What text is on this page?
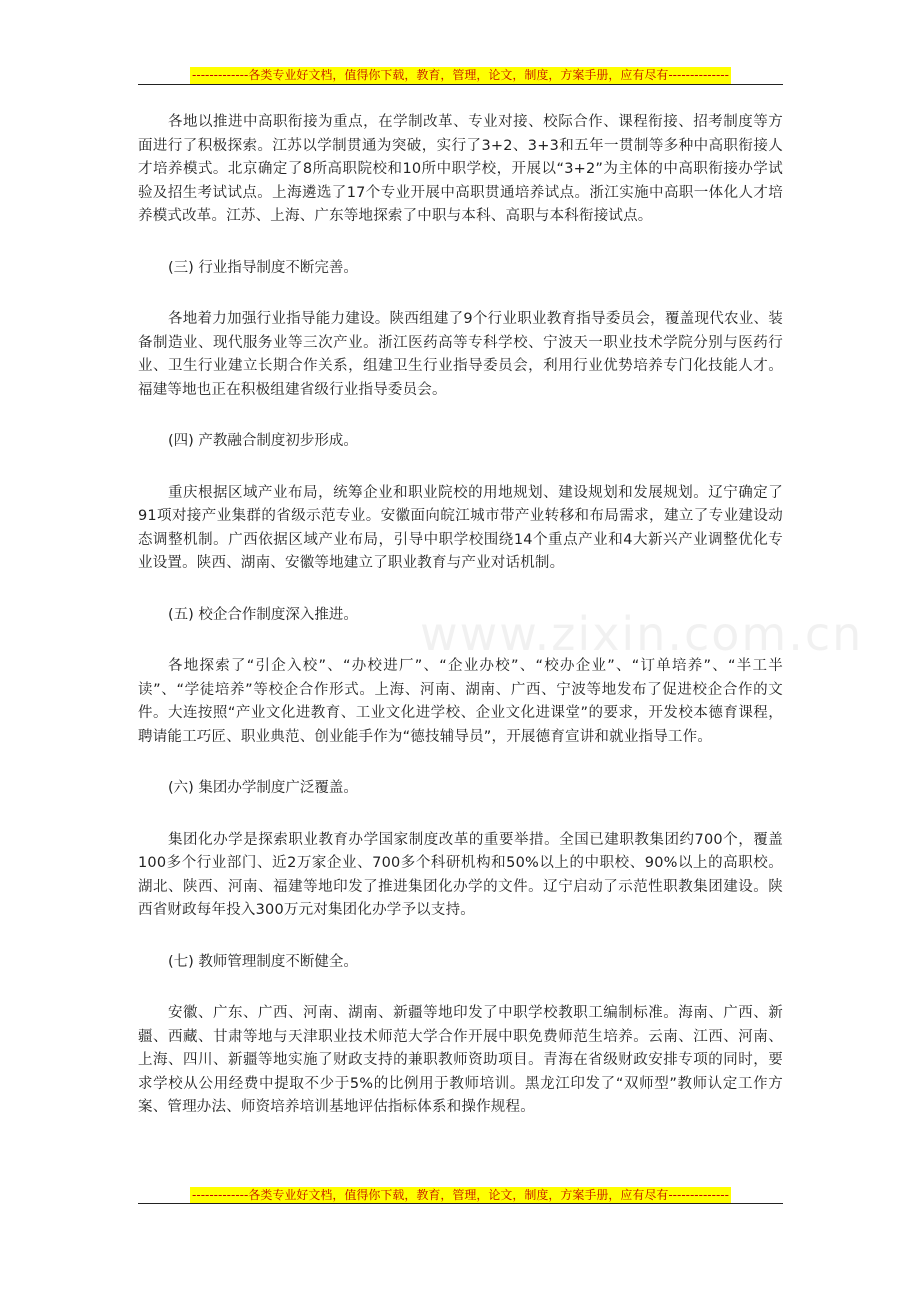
-------------各类专业好文档，值得你下载，教育，管理，论文，制度，方案手册，应有尽有--------------
www.zixin.com.cn

各地以推进中高职衔接为重点，在学制改革、专业对接、校际合作、课程衔接、招考制度等方面进行了积极探索。江苏以学制贯通为突破，实行了3+2、3+3和五年一贯制等多种中高职衔接人才培养模式。北京确定了8所高职院校和10所中职学校，开展以“3+2”为主体的中高职衔接办学试验及招生考试试点。上海遴选了17个专业开展中高职贯通培养试点。浙江实施中高职一体化人才培养模式改革。江苏、上海、广东等地探索了中职与本科、高职与本科衔接试点。

(三) 行业指导制度不断完善。

各地着力加强行业指导能力建设。陕西组建了9个行业职业教育指导委员会，覆盖现代农业、装备制造业、现代服务业等三次产业。浙江医药高等专科学校、宁波天一职业技术学院分别与医药行业、卫生行业建立长期合作关系，组建卫生行业指导委员会，利用行业优势培养专门化技能人才。福建等地也正在积极组建省级行业指导委员会。

(四) 产教融合制度初步形成。

重庆根据区域产业布局，统筹企业和职业院校的用地规划、建设规划和发展规划。辽宁确定了91项对接产业集群的省级示范专业。安徽面向皖江城市带产业转移和布局需求，建立了专业建设动态调整机制。广西依据区域产业布局，引导中职学校围绕14个重点产业和4大新兴产业调整优化专业设置。陕西、湖南、安徽等地建立了职业教育与产业对话机制。

(五) 校企合作制度深入推进。

各地探索了“引企入校”、“办校进厂”、“企业办校”、“校办企业”、“订单培养”、“半工半读”、“学徒培养”等校企合作形式。上海、河南、湖南、广西、宁波等地发布了促进校企合作的文件。大连按照“产业文化进教育、工业文化进学校、企业文化进课堂”的要求，开发校本德育课程，聘请能工巧匠、职业典范、创业能手作为“德技辅导员”，开展德育宣讲和就业指导工作。

(六) 集团办学制度广泛覆盖。

集团化办学是探索职业教育办学国家制度改革的重要举措。全国已建职教集团约700个，覆盖100多个行业部门、近2万家企业、700多个科研机构和50%以上的中职校、90%以上的高职校。湖北、陕西、河南、福建等地印发了推进集团化办学的文件。辽宁启动了示范性职教集团建设。陕西省财政每年投入300万元对集团化办学予以支持。

(七) 教师管理制度不断健全。

安徽、广东、广西、河南、湖南、新疆等地印发了中职学校教职工编制标准。海南、广西、新疆、西藏、甘肃等地与天津职业技术师范大学合作开展中职免费师范生培养。云南、江西、河南、上海、四川、新疆等地实施了财政支持的兼职教师资助项目。青海在省级财政安排专项的同时，要求学校从公用经费中提取不少于5%的比例用于教师培训。黑龙江印发了“双师型”教师认定工作方案、管理办法、师资培养培训基地评估指标体系和操作规程。

-------------各类专业好文档，值得你下载，教育，管理，论文，制度，方案手册，应有尽有--------------
